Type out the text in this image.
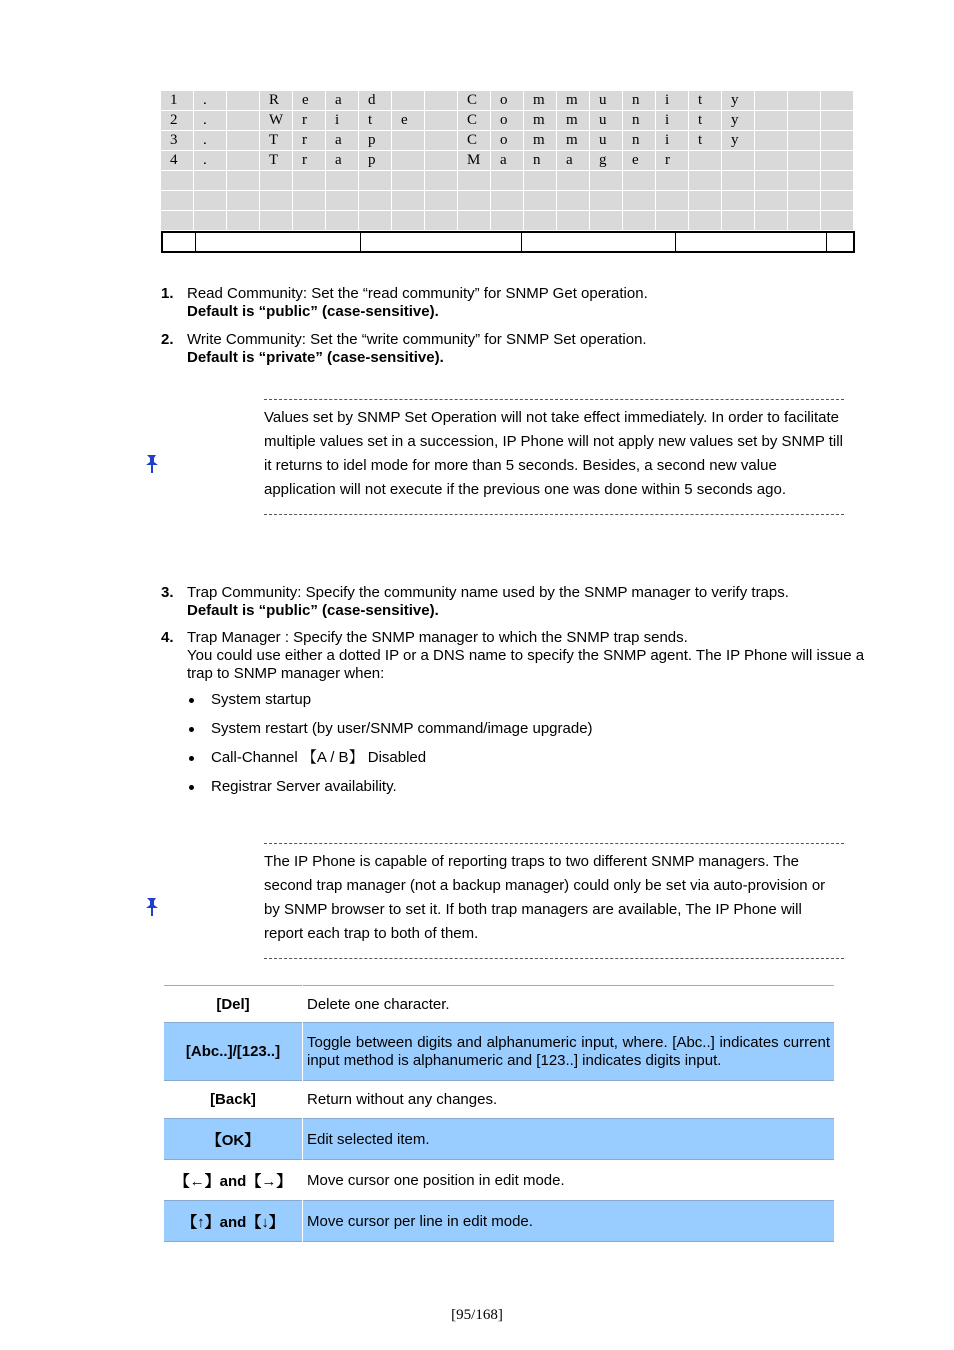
1	.	R	e	a	d	C	o	m	m	u	n	i	t	y
2	.	W	r	i	t	e	C	o	m	m	u	n	i	t	y
3	.	T	r	a	p	C	o	m	m	u	n	i	t	y
4	.	T	r	a	p	M	a	n	a	g	e	r
1. Read Community: Set the “read community” for SNMP Get operation.
Default is “public” (case-sensitive).
2. Write Community: Set the “write community” for SNMP Set operation.
Default is “private” (case-sensitive).
Values set by SNMP Set Operation will not take effect immediately. In order to facilitate multiple values set in a succession, IP Phone will not apply new values set by SNMP till it returns to idel mode for more than 5 seconds. Besides, a second new value application will not execute if the previous one was done within 5 seconds ago.
3. Trap Community: Specify the community name used by the SNMP manager to verify traps.
Default is “public” (case-sensitive).
4. Trap Manager : Specify the SNMP manager to which the SNMP trap sends.
You could use either a dotted IP or a DNS name to specify the SNMP agent. The IP Phone will issue a trap to SNMP manager when:
System startup
System restart (by user/SNMP command/image upgrade)
Call-Channel 【A / B】 Disabled
Registrar Server availability.
The IP Phone is capable of reporting traps to two different SNMP managers. The second trap manager (not a backup manager) could only be set via auto-provision or by SNMP browser to set it. If both trap managers are available, The IP Phone will report each trap to both of them.
[Del]	Delete one character.
[Abc..]/[123..]	Toggle between digits and alphanumeric input, where. [Abc..] indicates current input method is alphanumeric and [123..] indicates digits input.
[Back]	Return without any changes.
【OK】	Edit selected item.
【←】and【→】	Move cursor one position in edit mode.
【↑】and【↓】	Move cursor per line in edit mode.
[95/168]
